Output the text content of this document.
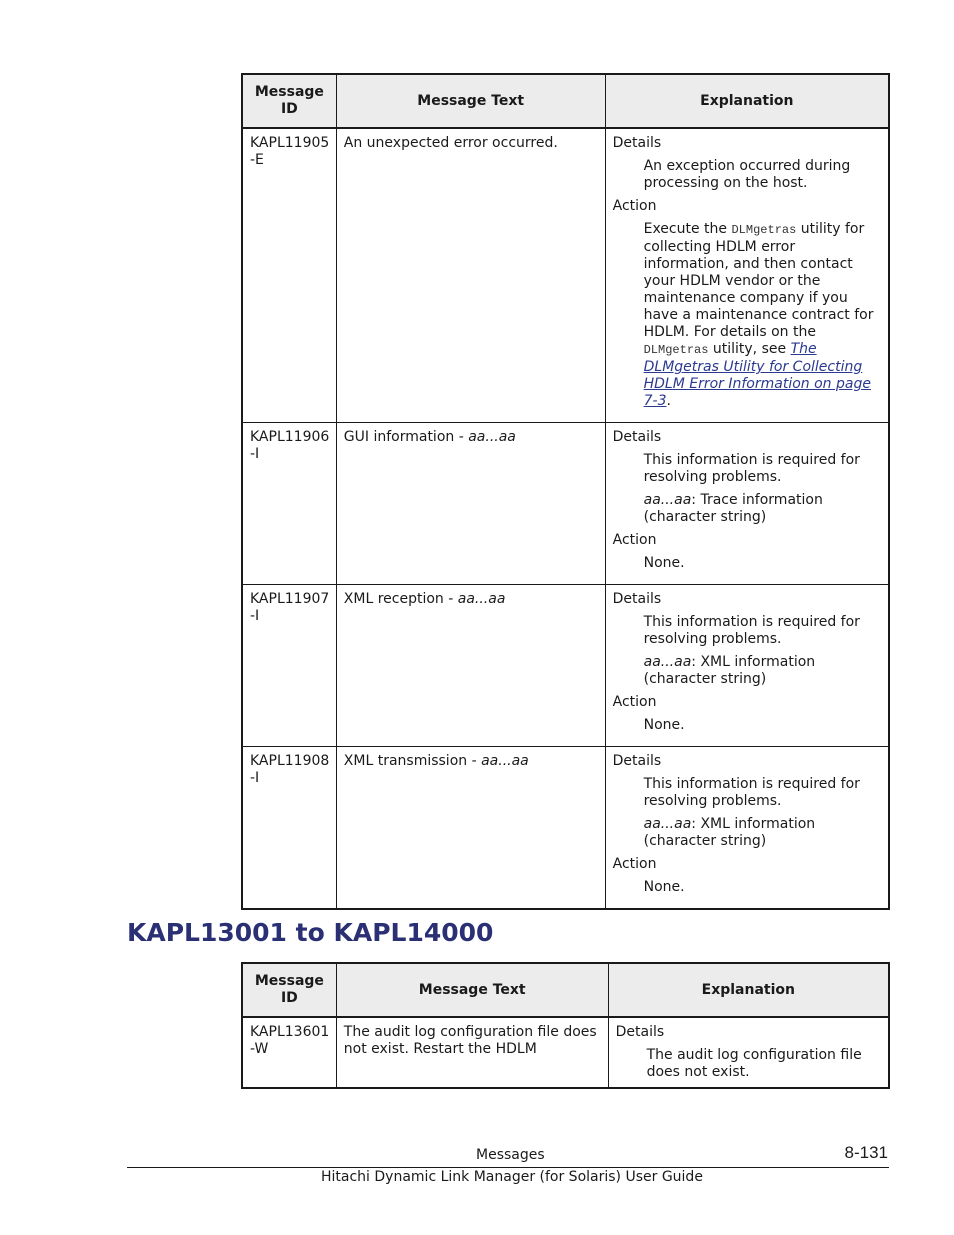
Message ID	Message Text	Explanation
KAPL11905-E	An unexpected error occurred.	Details
An exception occurred during processing on the host.
Action
Execute the DLMgetras utility for collecting HDLM error information, and then contact your HDLM vendor or the maintenance company if you have a maintenance contract for HDLM. For details on the DLMgetras utility, see The DLMgetras Utility for Collecting HDLM Error Information on page 7-3.

KAPL11906-I	GUI information - aa...aa	Details
This information is required for resolving problems.
aa...aa: Trace information (character string)
Action
None.

KAPL11907-I	XML reception - aa...aa	Details
This information is required for resolving problems.
aa...aa: XML information (character string)
Action
None.

KAPL11908-I	XML transmission - aa...aa	Details
This information is required for resolving problems.
aa...aa: XML information (character string)
Action
None.
KAPL13001 to KAPL14000
Message ID	Message Text	Explanation
KAPL13601-W	The audit log configuration file does not exist. Restart the HDLM	Details
The audit log configuration file does not exist.
Messages	8-131
Hitachi Dynamic Link Manager (for Solaris) User Guide
